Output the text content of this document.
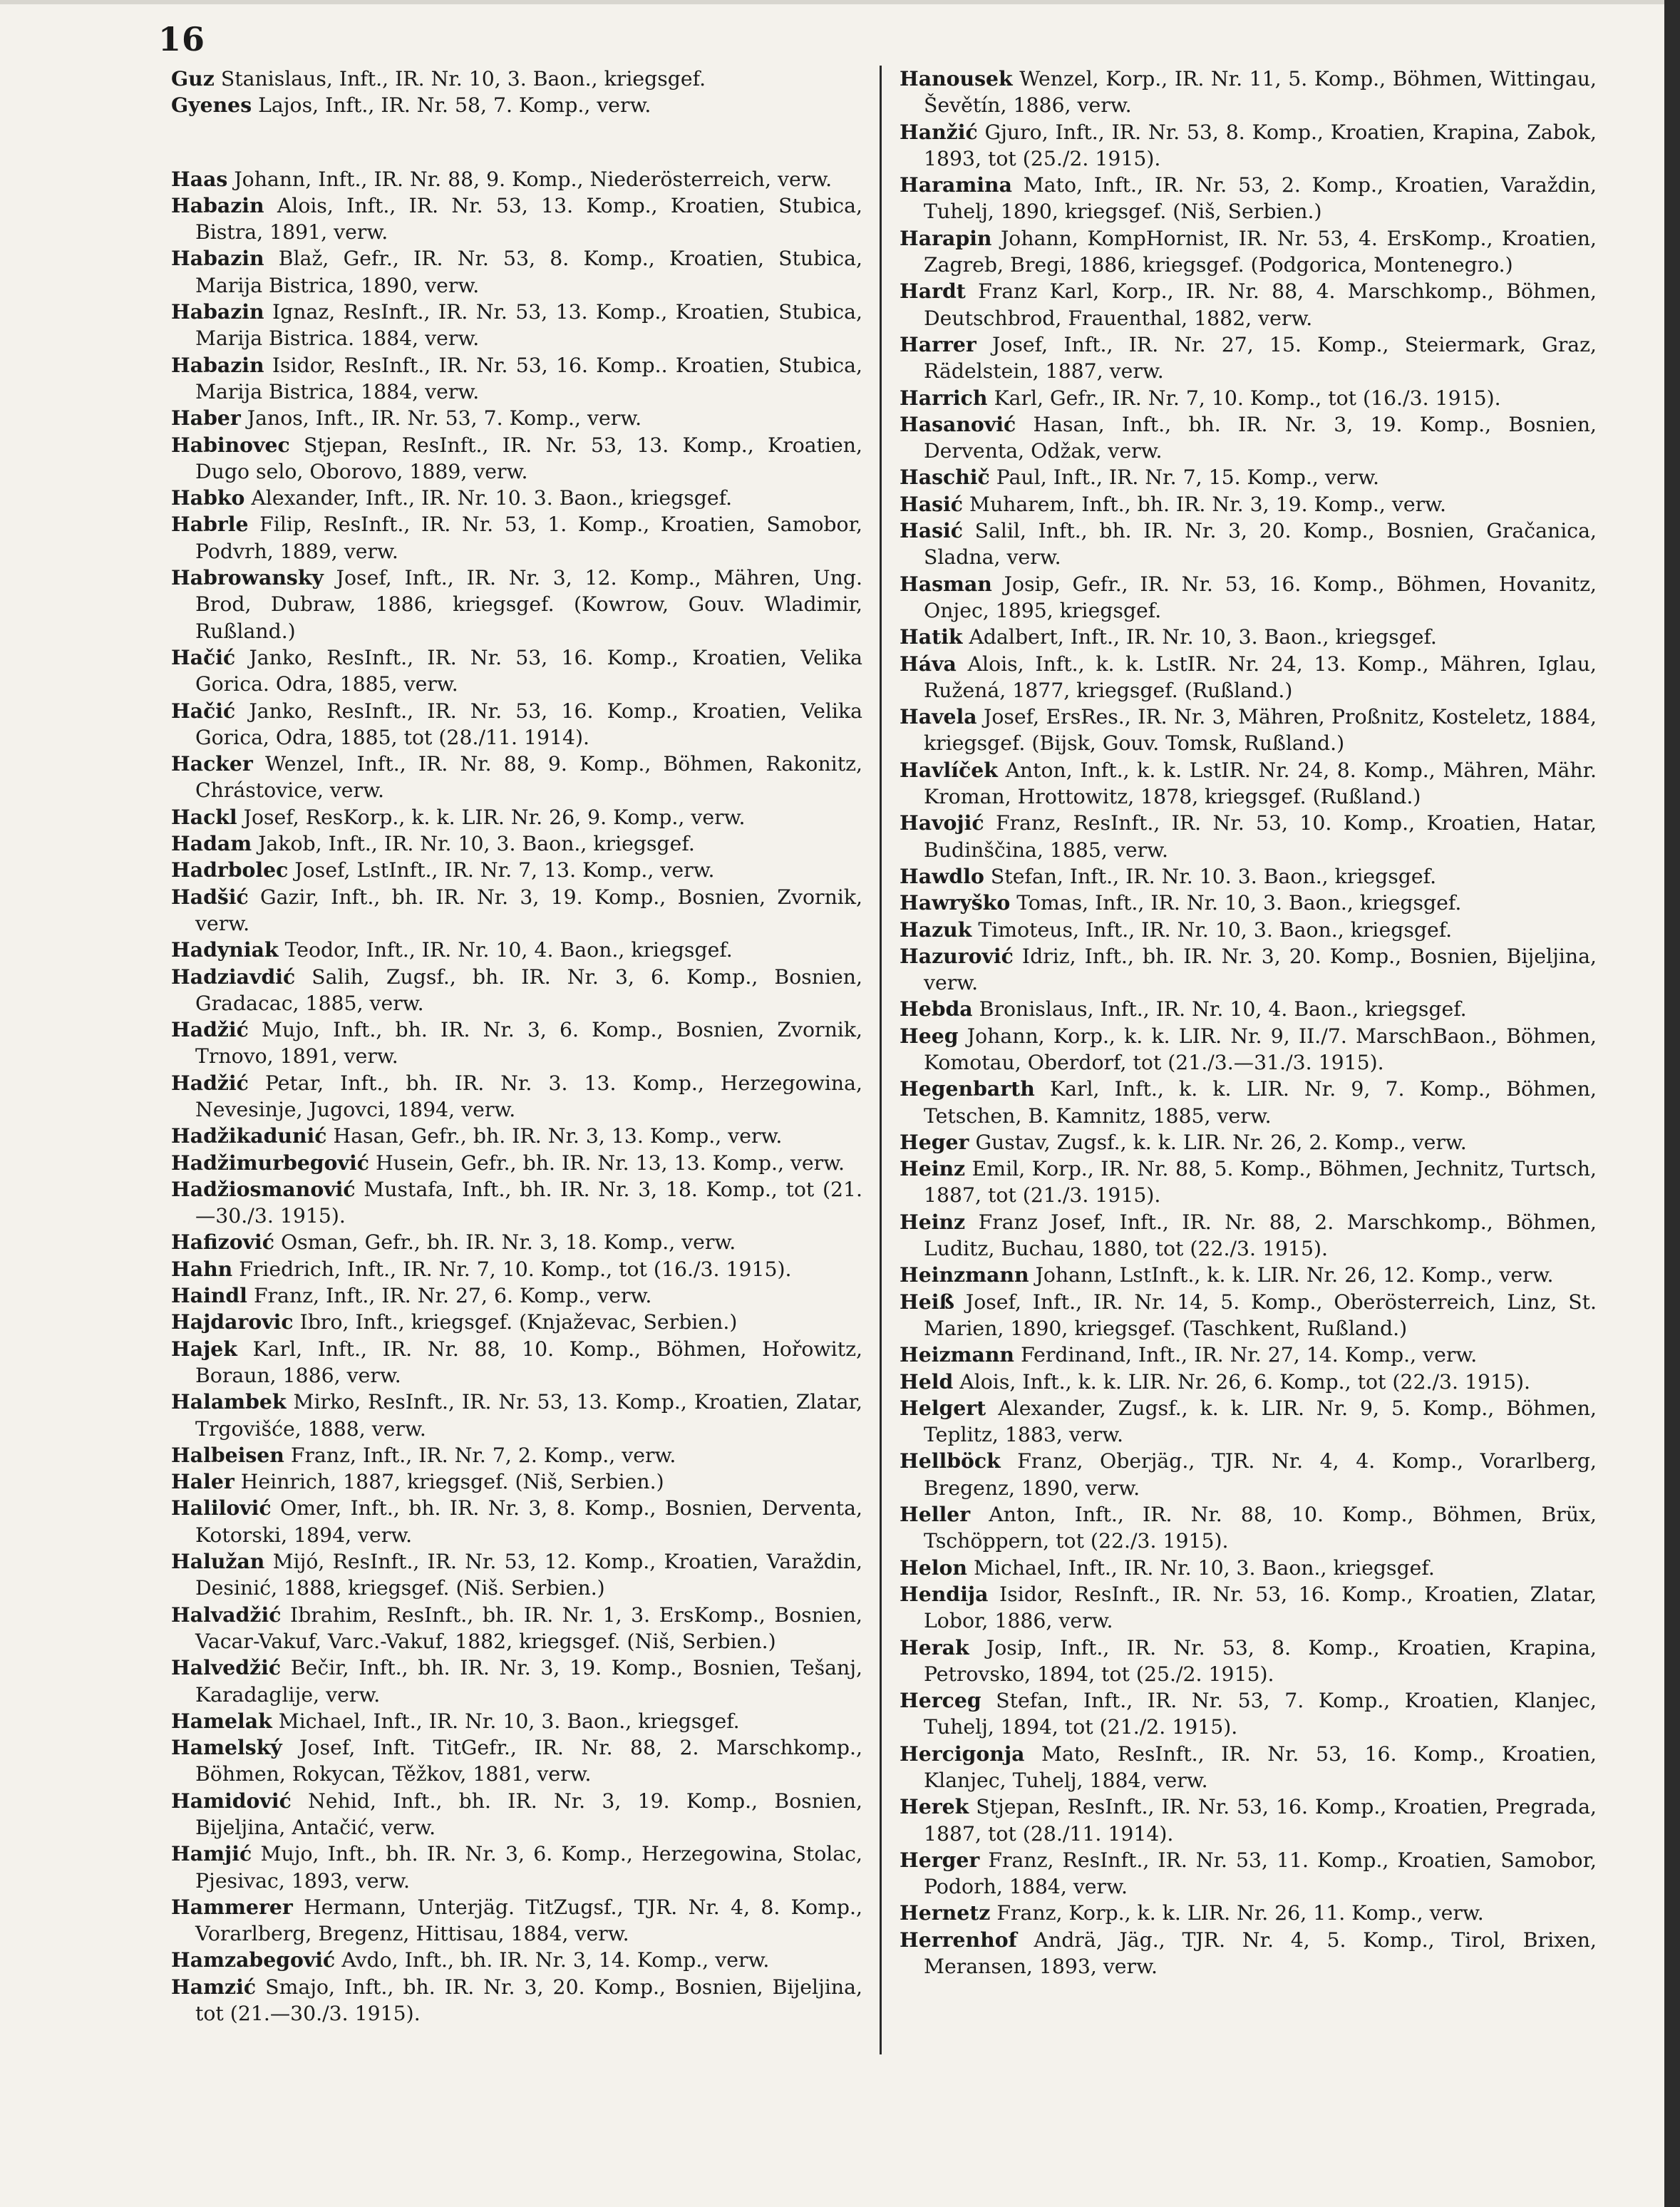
16

Guz Stanislaus, Inft., IR. Nr. 10, 3. Baon., kriegsgef.

Gyenes Lajos, Inft., IR. Nr. 58, 7. Komp., verw.

Haas Johann, Inft., IR. Nr. 88, 9. Komp., Niederösterreich, verw.

Habazin Alois, Inft., IR. Nr. 53, 13. Komp., Kroatien, Stubica, Bistra, 1891, verw.

Habazin Blaž, Gefr., IR. Nr. 53, 8. Komp., Kroatien, Stubica, Marija Bistrica, 1890, verw.

Habazin Ignaz, ResInft., IR. Nr. 53, 13. Komp., Kroatien, Stubica, Marija Bistrica. 1884, verw.

Habazin Isidor, ResInft., IR. Nr. 53, 16. Komp.. Kroatien, Stubica, Marija Bistrica, 1884, verw.

Haber Janos, Inft., IR. Nr. 53, 7. Komp., verw.

Habinovec Stjepan, ResInft., IR. Nr. 53, 13. Komp., Kroatien, Dugo selo, Oborovo, 1889, verw.

Habko Alexander, Inft., IR. Nr. 10. 3. Baon., kriegsgef.

Habrle Filip, ResInft., IR. Nr. 53, 1. Komp., Kroatien, Samobor, Podvrh, 1889, verw.

Habrowansky Josef, Inft., IR. Nr. 3, 12. Komp., Mähren, Ung. Brod, Dubraw, 1886, kriegsgef. (Kowrow, Gouv. Wladimir, Rußland.)

Hačić Janko, ResInft., IR. Nr. 53, 16. Komp., Kroatien, Velika Gorica. Odra, 1885, verw.

Hačić Janko, ResInft., IR. Nr. 53, 16. Komp., Kroatien, Velika Gorica, Odra, 1885, tot (28./11. 1914).

Hacker Wenzel, Inft., IR. Nr. 88, 9. Komp., Böhmen, Rakonitz, Chrástovice, verw.

Hackl Josef, ResKorp., k. k. LIR. Nr. 26, 9. Komp., verw.

Hadam Jakob, Inft., IR. Nr. 10, 3. Baon., kriegsgef.

Hadrbolec Josef, LstInft., IR. Nr. 7, 13. Komp., verw.

Hadšić Gazir, Inft., bh. IR. Nr. 3, 19. Komp., Bosnien, Zvornik, verw.

Hadyniak Teodor, Inft., IR. Nr. 10, 4. Baon., kriegsgef.

Hadziavdić Salih, Zugsf., bh. IR. Nr. 3, 6. Komp., Bosnien, Gradacac, 1885, verw.

Hadžić Mujo, Inft., bh. IR. Nr. 3, 6. Komp., Bosnien, Zvornik, Trnovo, 1891, verw.

Hadžić Petar, Inft., bh. IR. Nr. 3. 13. Komp., Herzegowina, Nevesinje, Jugovci, 1894, verw.

Hadžikadunić Hasan, Gefr., bh. IR. Nr. 3, 13. Komp., verw.

Hadžimurbegović Husein, Gefr., bh. IR. Nr. 13, 13. Komp., verw.

Hadžiosmanović Mustafa, Inft., bh. IR. Nr. 3, 18. Komp., tot (21.—30./3. 1915).

Hafizović Osman, Gefr., bh. IR. Nr. 3, 18. Komp., verw.

Hahn Friedrich, Inft., IR. Nr. 7, 10. Komp., tot (16./3. 1915).

Haindl Franz, Inft., IR. Nr. 27, 6. Komp., verw.

Hajdarovic Ibro, Inft., kriegsgef. (Knjaževac, Serbien.)

Hajek Karl, Inft., IR. Nr. 88, 10. Komp., Böhmen, Hořowitz, Boraun, 1886, verw.

Halambek Mirko, ResInft., IR. Nr. 53, 13. Komp., Kroatien, Zlatar, Trgovišće, 1888, verw.

Halbeisen Franz, Inft., IR. Nr. 7, 2. Komp., verw.

Haler Heinrich, 1887, kriegsgef. (Niš, Serbien.)

Halilović Omer, Inft., bh. IR. Nr. 3, 8. Komp., Bosnien, Derventa, Kotorski, 1894, verw.

Halužan Mijó, ResInft., IR. Nr. 53, 12. Komp., Kroatien, Varaždin, Desinić, 1888, kriegsgef. (Niš. Serbien.)

Halvadžić Ibrahim, ResInft., bh. IR. Nr. 1, 3. ErsKomp., Bosnien, Vacar-Vakuf, Varc.-Vakuf, 1882, kriegsgef. (Niš, Serbien.)

Halvedžić Bečir, Inft., bh. IR. Nr. 3, 19. Komp., Bosnien, Tešanj, Karadaglije, verw.

Hamelak Michael, Inft., IR. Nr. 10, 3. Baon., kriegsgef.

Hamelský Josef, Inft. TitGefr., IR. Nr. 88, 2. Marschkomp., Böhmen, Rokycan, Těžkov, 1881, verw.

Hamidović Nehid, Inft., bh. IR. Nr. 3, 19. Komp., Bosnien, Bijeljina, Antačić, verw.

Hamjić Mujo, Inft., bh. IR. Nr. 3, 6. Komp., Herzegowina, Stolac, Pjesivac, 1893, verw.

Hammerer Hermann, Unterjäg. TitZugsf., TJR. Nr. 4, 8. Komp., Vorarlberg, Bregenz, Hittisau, 1884, verw.

Hamzabegović Avdo, Inft., bh. IR. Nr. 3, 14. Komp., verw.

Hamzić Smajo, Inft., bh. IR. Nr. 3, 20. Komp., Bosnien, Bijeljina, tot (21.—30./3. 1915).

Hanousek Wenzel, Korp., IR. Nr. 11, 5. Komp., Böhmen, Wittingau, Ševětín, 1886, verw.

Hanžić Gjuro, Inft., IR. Nr. 53, 8. Komp., Kroatien, Krapina, Zabok, 1893, tot (25./2. 1915).

Haramina Mato, Inft., IR. Nr. 53, 2. Komp., Kroatien, Varaždin, Tuhelj, 1890, kriegsgef. (Niš, Serbien.)

Harapin Johann, KompHornist, IR. Nr. 53, 4. ErsKomp., Kroatien, Zagreb, Bregi, 1886, kriegsgef. (Podgorica, Montenegro.)

Hardt Franz Karl, Korp., IR. Nr. 88, 4. Marschkomp., Böhmen, Deutschbrod, Frauenthal, 1882, verw.

Harrer Josef, Inft., IR. Nr. 27, 15. Komp., Steiermark, Graz, Rädelstein, 1887, verw.

Harrich Karl, Gefr., IR. Nr. 7, 10. Komp., tot (16./3. 1915).

Hasanović Hasan, Inft., bh. IR. Nr. 3, 19. Komp., Bosnien, Derventa, Odžak, verw.

Haschič Paul, Inft., IR. Nr. 7, 15. Komp., verw.

Hasić Muharem, Inft., bh. IR. Nr. 3, 19. Komp., verw.

Hasić Salil, Inft., bh. IR. Nr. 3, 20. Komp., Bosnien, Gračanica, Sladna, verw.

Hasman Josip, Gefr., IR. Nr. 53, 16. Komp., Böhmen, Hovanitz, Onjec, 1895, kriegsgef.

Hatik Adalbert, Inft., IR. Nr. 10, 3. Baon., kriegsgef.

Háva Alois, Inft., k. k. LstIR. Nr. 24, 13. Komp., Mähren, Iglau, Ružená, 1877, kriegsgef. (Rußland.)

Havela Josef, ErsRes., IR. Nr. 3, Mähren, Proßnitz, Kosteletz, 1884, kriegsgef. (Bijsk, Gouv. Tomsk, Rußland.)

Havlíček Anton, Inft., k. k. LstIR. Nr. 24, 8. Komp., Mähren, Mähr. Kroman, Hrottowitz, 1878, kriegsgef. (Rußland.)

Havojić Franz, ResInft., IR. Nr. 53, 10. Komp., Kroatien, Hatar, Budinščina, 1885, verw.

Hawdlo Stefan, Inft., IR. Nr. 10. 3. Baon., kriegsgef.

Hawryško Tomas, Inft., IR. Nr. 10, 3. Baon., kriegsgef.

Hazuk Timoteus, Inft., IR. Nr. 10, 3. Baon., kriegsgef.

Hazurović Idriz, Inft., bh. IR. Nr. 3, 20. Komp., Bosnien, Bijeljina, verw.

Hebda Bronislaus, Inft., IR. Nr. 10, 4. Baon., kriegsgef.

Heeg Johann, Korp., k. k. LIR. Nr. 9, II./7. MarschBaon., Böhmen, Komotau, Oberdorf, tot (21./3.—31./3. 1915).

Hegenbarth Karl, Inft., k. k. LIR. Nr. 9, 7. Komp., Böhmen, Tetschen, B. Kamnitz, 1885, verw.

Heger Gustav, Zugsf., k. k. LIR. Nr. 26, 2. Komp., verw.

Heinz Emil, Korp., IR. Nr. 88, 5. Komp., Böhmen, Jechnitz, Turtsch, 1887, tot (21./3. 1915).

Heinz Franz Josef, Inft., IR. Nr. 88, 2. Marschkomp., Böhmen, Luditz, Buchau, 1880, tot (22./3. 1915).

Heinzmann Johann, LstInft., k. k. LIR. Nr. 26, 12. Komp., verw.

Heiß Josef, Inft., IR. Nr. 14, 5. Komp., Oberösterreich, Linz, St. Marien, 1890, kriegsgef. (Taschkent, Rußland.)

Heizmann Ferdinand, Inft., IR. Nr. 27, 14. Komp., verw.

Held Alois, Inft., k. k. LIR. Nr. 26, 6. Komp., tot (22./3. 1915).

Helgert Alexander, Zugsf., k. k. LIR. Nr. 9, 5. Komp., Böhmen, Teplitz, 1883, verw.

Hellböck Franz, Oberjäg., TJR. Nr. 4, 4. Komp., Vorarlberg, Bregenz, 1890, verw.

Heller Anton, Inft., IR. Nr. 88, 10. Komp., Böhmen, Brüx, Tschöppern, tot (22./3. 1915).

Helon Michael, Inft., IR. Nr. 10, 3. Baon., kriegsgef.

Hendija Isidor, ResInft., IR. Nr. 53, 16. Komp., Kroatien, Zlatar, Lobor, 1886, verw.

Herak Josip, Inft., IR. Nr. 53, 8. Komp., Kroatien, Krapina, Petrovsko, 1894, tot (25./2. 1915).

Herceg Stefan, Inft., IR. Nr. 53, 7. Komp., Kroatien, Klanjec, Tuhelj, 1894, tot (21./2. 1915).

Hercigonja Mato, ResInft., IR. Nr. 53, 16. Komp., Kroatien, Klanjec, Tuhelj, 1884, verw.

Herek Stjepan, ResInft., IR. Nr. 53, 16. Komp., Kroatien, Pregrada, 1887, tot (28./11. 1914).

Herger Franz, ResInft., IR. Nr. 53, 11. Komp., Kroatien, Samobor, Podorh, 1884, verw.

Hernetz Franz, Korp., k. k. LIR. Nr. 26, 11. Komp., verw.

Herrenhof Andrä, Jäg., TJR. Nr. 4, 5. Komp., Tirol, Brixen, Meransen, 1893, verw.
